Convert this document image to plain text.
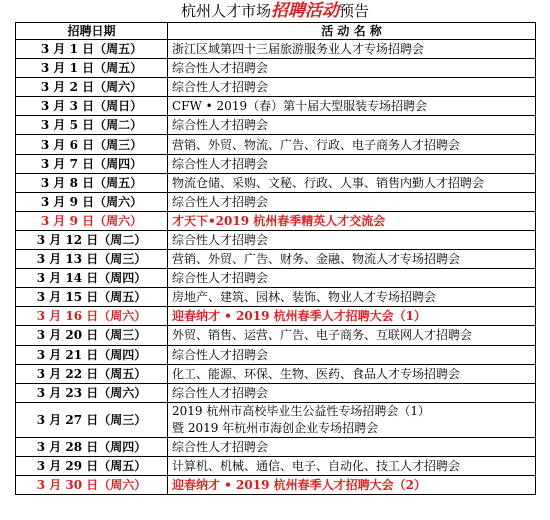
杭州人才市场招聘活动预告
招聘日期	活 动 名 称
3 月 1 日（周五）	浙江区域第四十三届旅游服务业人才专场招聘会
3 月 1 日（周五）	综合性人才招聘会
3 月 2 日（周六）	综合性人才招聘会
3 月 3 日（周日）	CFW • 2019（春）第十届大型服装专场招聘会
3 月 5 日（周二）	综合性人才招聘会
3 月 6 日（周三）	营销、外贸、物流、广告、行政、电子商务人才招聘会
3 月 7 日（周四）	综合性人才招聘会
3 月 8 日（周五）	物流仓储、采购、文秘、行政、人事、销售内勤人才招聘会
3 月 9 日（周六）	综合性人才招聘会
3 月 9 日（周六）	才天下•2019 杭州春季精英人才交流会
3 月 12 日（周二）	综合性人才招聘会
3 月 13 日（周三）	营销、外贸、广告、财务、金融、物流人才专场招聘会
3 月 14 日（周四）	综合性人才招聘会
3 月 15 日（周五）	房地产、建筑、园林、装饰、物业人才专场招聘会
3 月 16 日（周六）	迎春纳才 • 2019 杭州春季人才招聘大会（1）
3 月 20 日（周三）	外贸、销售、运营、广告、电子商务、互联网人才招聘会
3 月 21 日（周四）	综合性人才招聘会
3 月 22 日（周五）	化工、能源、环保、生物、医药、食品人才专场招聘会
3 月 23 日（周六）	综合性人才招聘会
3 月 27 日（周三）	2019 杭州市高校毕业生公益性专场招聘会（1）
暨 2019 年杭州市海创企业专场招聘会

3 月 28 日（周四）	综合性人才招聘会
3 月 29 日（周五）	计算机、机械、通信、电子、自动化、技工人才招聘会
3 月 30 日（周六）	迎春纳才 • 2019 杭州春季人才招聘大会（2）
